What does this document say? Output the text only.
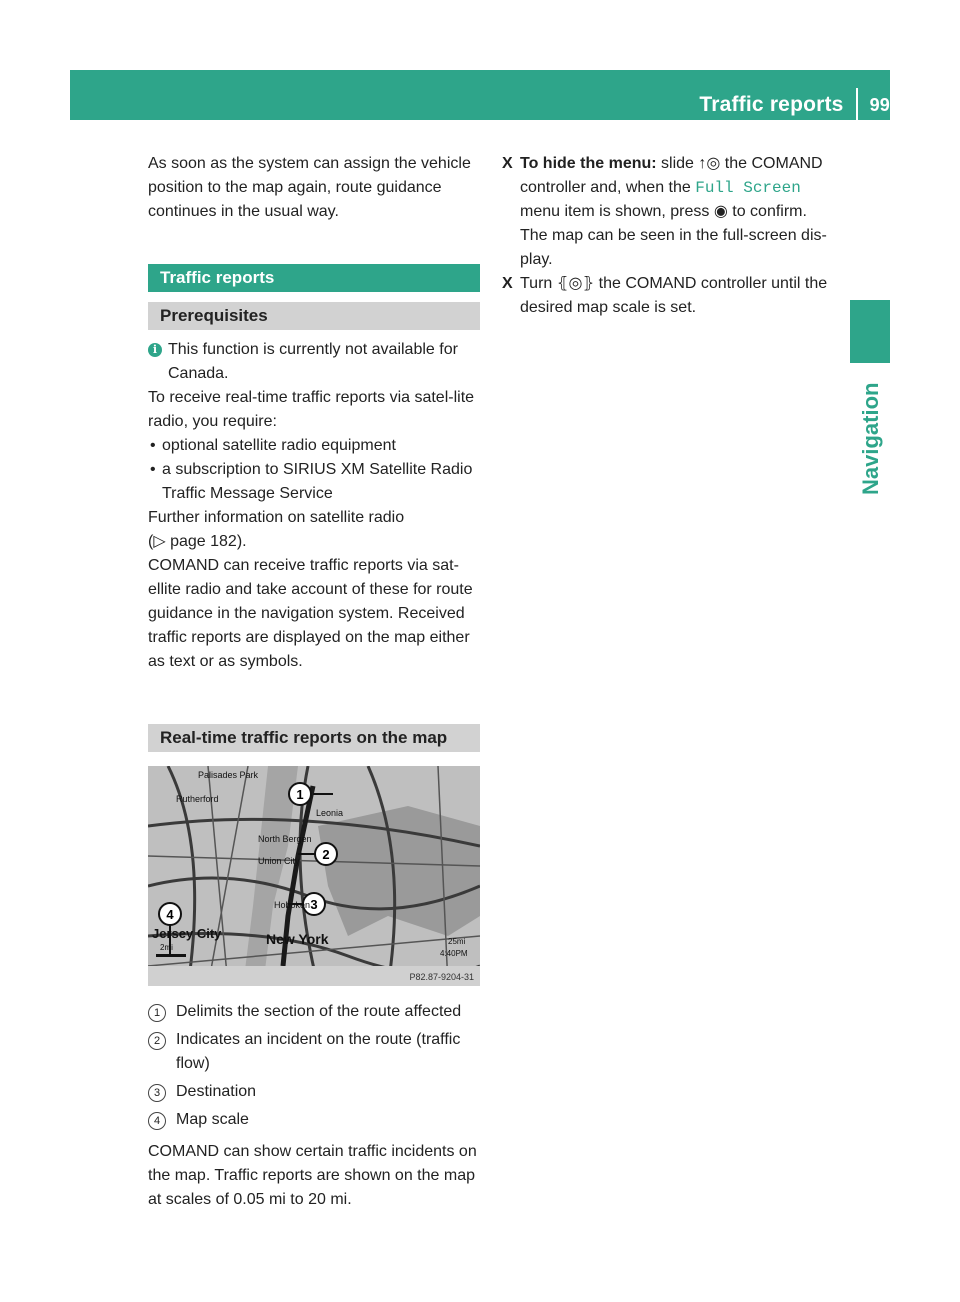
Traffic reports 99
Navigation

As soon as the system can assign the vehicle position to the map again, route guidance continues in the usual way.

Traffic reports
Prerequisites
i This function is currently not available for Canada.

To receive real-time traffic reports via satel-lite radio, you require:

• optional satellite radio equipment
• a subscription to SIRIUS XM Satellite Radio Traffic Message Service

Further information on satellite radio

(▷ page 182).

COMAND can receive traffic reports via sat-ellite radio and take account of these for route guidance in the navigation system. Received traffic reports are displayed on the map either as text or as symbols.

Real-time traffic reports on the map
1
2
3
4
Palisades Park
Rutherford
Leonia
North Bergen
Union City
Hoboken
New York
Jersey City
2mi
25mi
4:40PM
P82.87-9204-31
1 Delimits the section of the route affected
2 Indicates an incident on the route (traffic flow)
3 Destination
4 Map scale

COMAND can show certain traffic incidents on the map. Traffic reports are shown on the map at scales of 0.05 mi to 20 mi.

X To hide the menu: slide ↑◎ the COMAND controller and, when the Full Screen menu item is shown, press ◉ to confirm.
The map can be seen in the full-screen dis-play.
X Turn ⦃◎⦄ the COMAND controller until the desired map scale is set.
